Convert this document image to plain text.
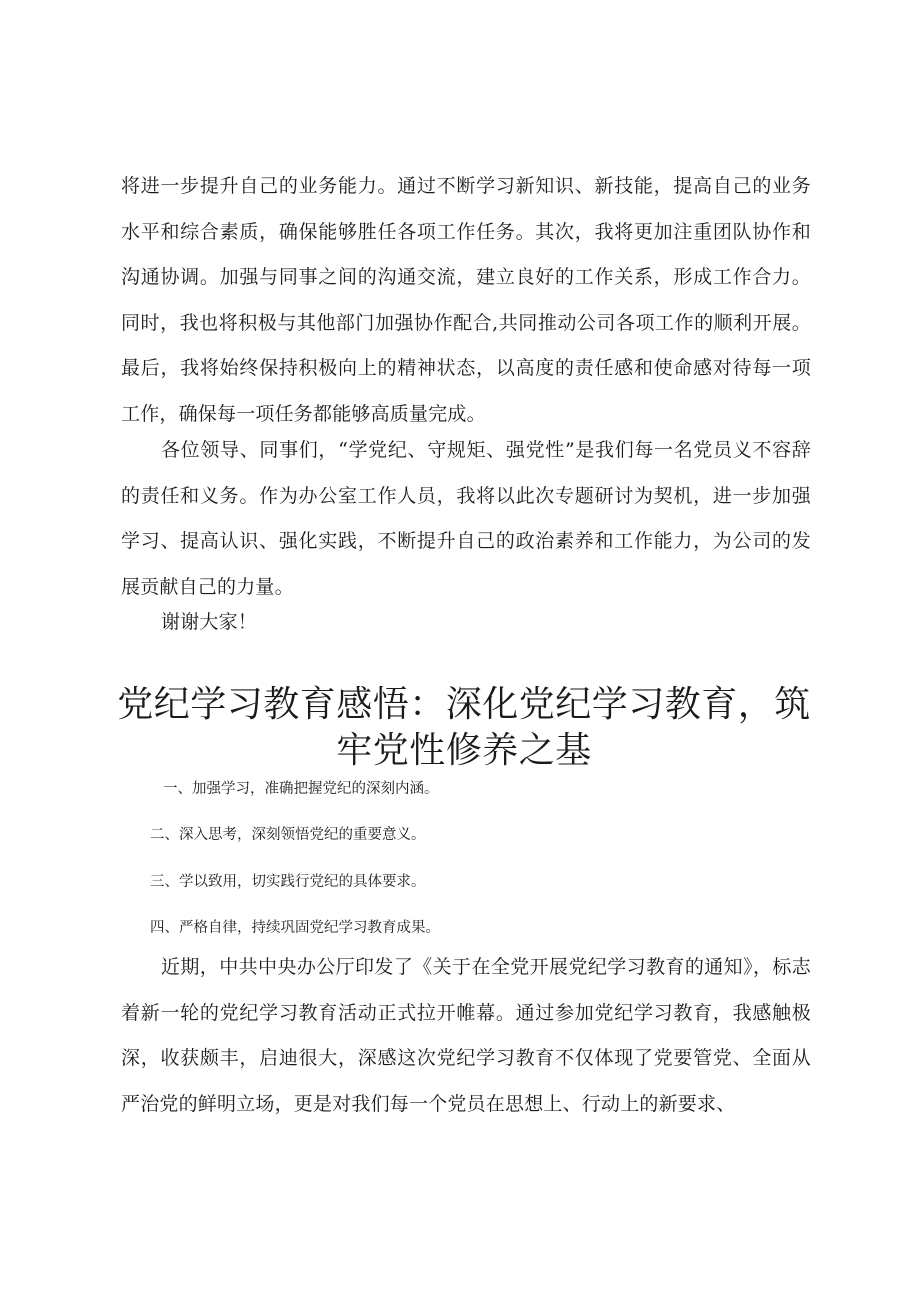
将进一步提升自己的业务能力。通过不断学习新知识、新技能，提高自己的业务水平和综合素质，确保能够胜任各项工作任务。其次，我将更加注重团队协作和沟通协调。加强与同事之间的沟通交流，建立良好的工作关系，形成工作合力。同时，我也将积极与其他部门加强协作配合,共同推动公司各项工作的顺利开展。最后，我将始终保持积极向上的精神状态，以高度的责任感和使命感对待每一项工作，确保每一项任务都能够高质量完成。

各位领导、同事们，“学党纪、守规矩、强党性”是我们每一名党员义不容辞的责任和义务。作为办公室工作人员，我将以此次专题研讨为契机，进一步加强学习、提高认识、强化实践，不断提升自己的政治素养和工作能力，为公司的发展贡献自己的力量。

谢谢大家！

党纪学习教育感悟：深化党纪学习教育，筑牢党性修养之基
一、加强学习，准确把握党纪的深刻内涵。
二、深入思考，深刻领悟党纪的重要意义。
三、学以致用，切实践行党纪的具体要求。
四、严格自律，持续巩固党纪学习教育成果。

近期，中共中央办公厅印发了《关于在全党开展党纪学习教育的通知》，标志着新一轮的党纪学习教育活动正式拉开帷幕。通过参加党纪学习教育，我感触极深，收获颇丰，启迪很大，深感这次党纪学习教育不仅体现了党要管党、全面从严治党的鲜明立场，更是对我们每一个党员在思想上、行动上的新要求、
